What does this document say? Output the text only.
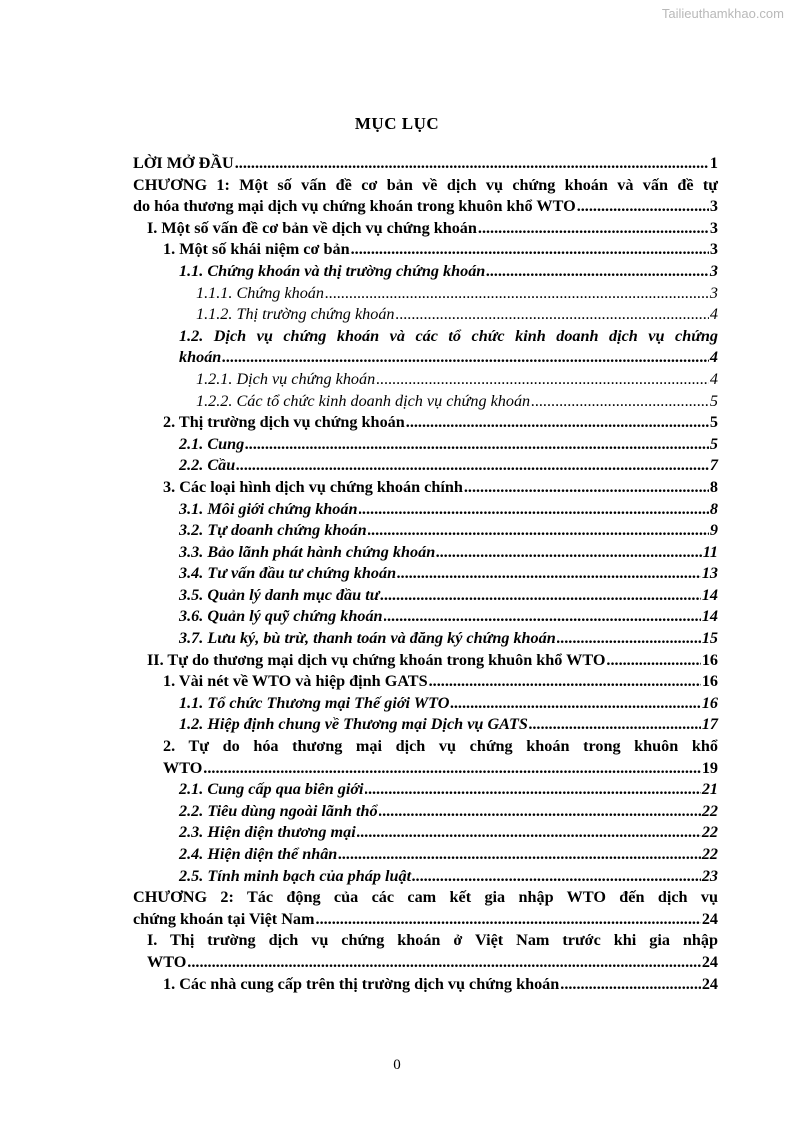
Tailieuthamkhao.com
MỤC LỤC
LỜI MỞ ĐẦU .....	1
CHƯƠNG 1: Một số vấn đề cơ bản về dịch vụ chứng khoán và vấn đề tự
do hóa thương mại dịch vụ chứng khoán trong khuôn khổ WTO .....	3
I. Một số vấn đề cơ bản về dịch vụ chứng khoán .....	3
1. Một số khái niệm cơ bản .....	3
1.1. Chứng khoán và thị trường chứng khoán .....	3
1.1.1. Chứng khoán .....	3
1.1.2. Thị trường chứng khoán .....	4
1.2. Dịch vụ chứng khoán và các tổ chức kinh doanh dịch vụ chứng
khoán .....	4
1.2.1. Dịch vụ chứng khoán .....	4
1.2.2. Các tổ chức kinh doanh dịch vụ chứng khoán .....	5
2. Thị trường dịch vụ chứng khoán .....	5
2.1. Cung .....	5
2.2. Cầu .....	7
3. Các loại hình dịch vụ chứng khoán chính .....	8
3.1. Môi giới chứng khoán .....	8
3.2. Tự doanh chứng khoán .....	9
3.3. Bảo lãnh phát hành chứng khoán .....	11
3.4. Tư vấn đầu tư chứng khoán .....	13
3.5. Quản lý danh mục đầu tư .....	14
3.6. Quản lý quỹ chứng khoán .....	14
3.7. Lưu ký, bù trừ, thanh toán và đăng ký chứng khoán .....	15
II. Tự do thương mại dịch vụ chứng khoán trong khuôn khổ WTO .....	16
1. Vài nét về WTO và hiệp định GATS .....	16
1.1. Tổ chức Thương mại Thế giới WTO .....	16
1.2. Hiệp định chung về Thương mại Dịch vụ GATS .....	17
2. Tự do hóa thương mại dịch vụ chứng khoán trong khuôn khổ
WTO .....	19
2.1. Cung cấp qua biên giới .....	21
2.2. Tiêu dùng ngoài lãnh thổ .....	22
2.3. Hiện diện thương mại .....	22
2.4. Hiện diện thể nhân .....	22
2.5. Tính minh bạch của pháp luật .....	23
CHƯƠNG 2: Tác động của các cam kết gia nhập WTO đến dịch vụ
chứng khoán tại Việt Nam .....	24
I. Thị trường dịch vụ chứng khoán ở Việt Nam trước khi gia nhập
WTO .....	24
1. Các nhà cung cấp trên thị trường dịch vụ chứng khoán .....	24
0
